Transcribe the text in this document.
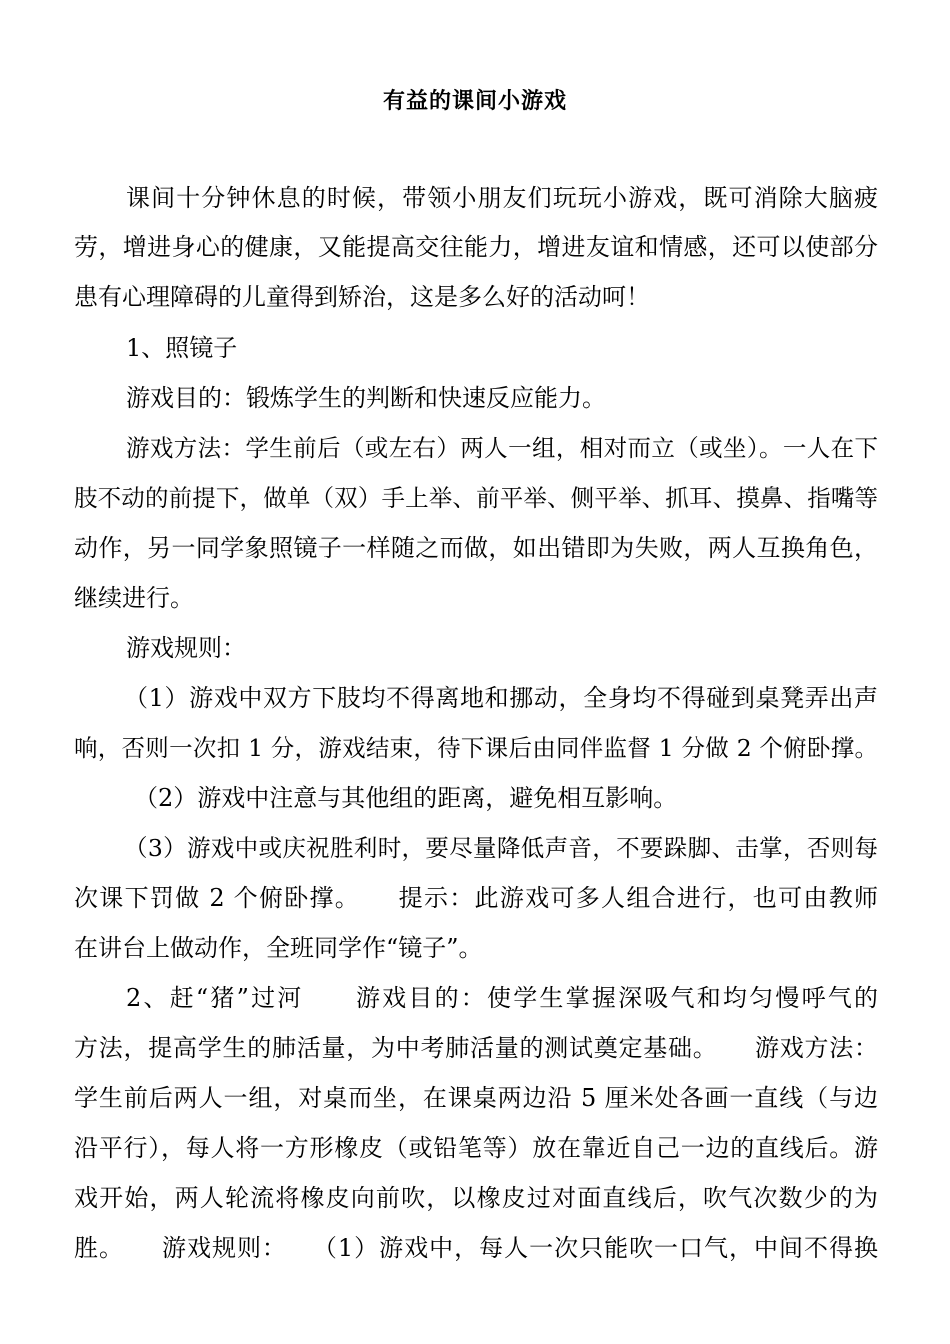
有益的课间小游戏
课间十分钟休息的时候，带领小朋友们玩玩小游戏，既可消除大脑疲
劳，增进身心的健康，又能提高交往能力，增进友谊和情感，还可以使部分
患有心理障碍的儿童得到矫治，这是多么好的活动呵！
1、照镜子
游戏目的：锻炼学生的判断和快速反应能力。
游戏方法：学生前后（或左右）两人一组，相对而立（或坐）。一人在下
肢不动的前提下，做单（双）手上举、前平举、侧平举、抓耳、摸鼻、指嘴等
动作，另一同学象照镜子一样随之而做，如出错即为失败，两人互换角色，
继续进行。
游戏规则：
（1）游戏中双方下肢均不得离地和挪动，全身均不得碰到桌凳弄出声
响，否则一次扣 1 分，游戏结束，待下课后由同伴监督 1 分做 2 个俯卧撑。
（2）游戏中注意与其他组的距离，避免相互影响。
（3）游戏中或庆祝胜利时，要尽量降低声音，不要跺脚、击掌，否则每
次课下罚做 2 个俯卧撑。　　提示：此游戏可多人组合进行，也可由教师
在讲台上做动作，全班同学作“镜子”。
2、赶“猪”过河　　游戏目的：使学生掌握深吸气和均匀慢呼气的
方法，提高学生的肺活量，为中考肺活量的测试奠定基础。　　游戏方法：
学生前后两人一组，对桌而坐，在课桌两边沿 5 厘米处各画一直线（与边
沿平行），每人将一方形橡皮（或铅笔等）放在靠近自己一边的直线后。游
戏开始，两人轮流将橡皮向前吹，以橡皮过对面直线后，吹气次数少的为
胜。　　游戏规则：　　（1）游戏中，每人一次只能吹一口气，中间不得换
